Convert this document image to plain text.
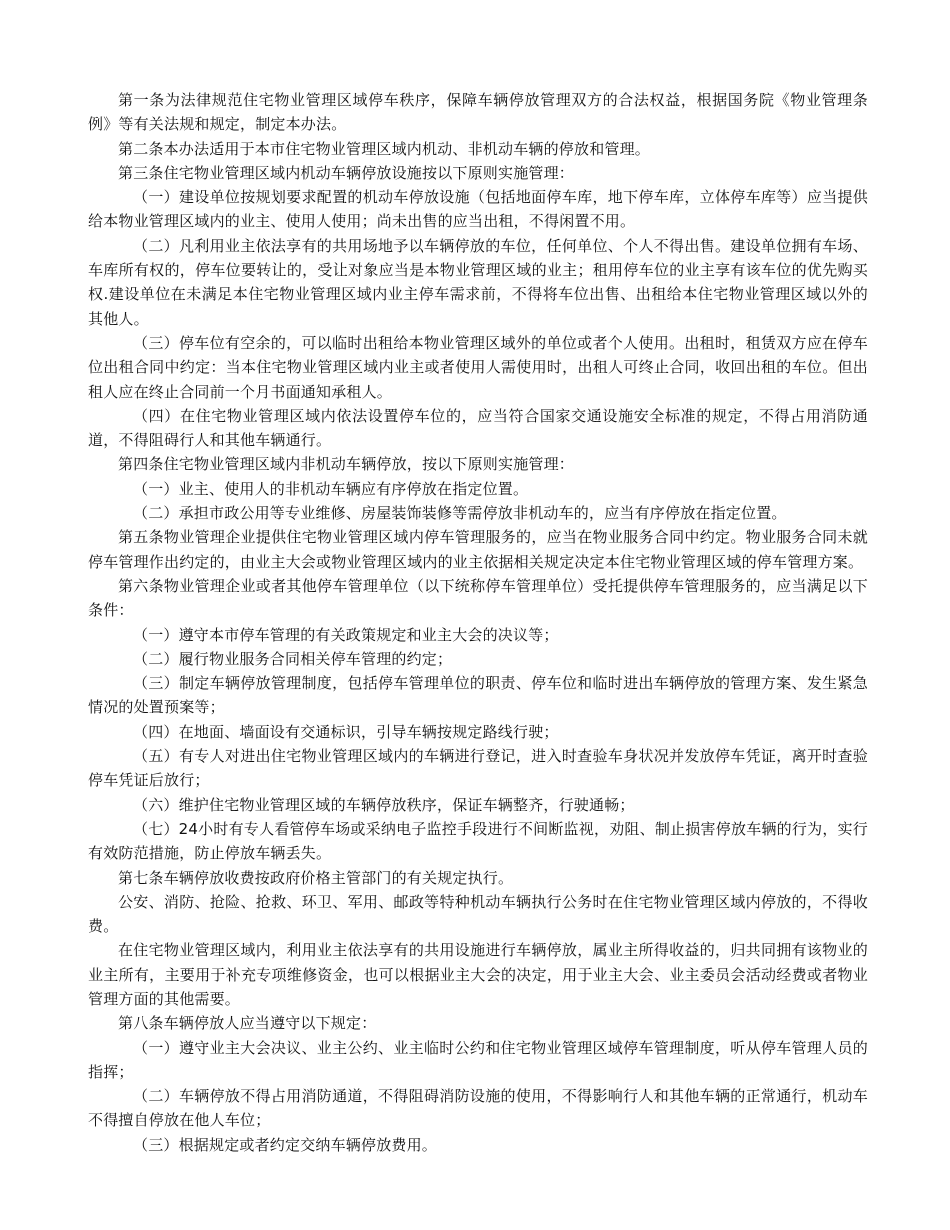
第一条为法律规范住宅物业管理区域停车秩序，保障车辆停放管理双方的合法权益，根据国务院《物业管理条例》等有关法规和规定，制定本办法。

第二条本办法适用于本市住宅物业管理区域内机动、非机动车辆的停放和管理。

第三条住宅物业管理区域内机动车辆停放设施按以下原则实施管理：

（一）建设单位按规划要求配置的机动车停放设施（包括地面停车库，地下停车库，立体停车库等）应当提供给本物业管理区域内的业主、使用人使用；尚未出售的应当出租，不得闲置不用。

（二）凡利用业主依法享有的共用场地予以车辆停放的车位，任何单位、个人不得出售。建设单位拥有车场、车库所有权的，停车位要转让的，受让对象应当是本物业管理区域的业主；租用停车位的业主享有该车位的优先购买权.建设单位在未满足本住宅物业管理区域内业主停车需求前，不得将车位出售、出租给本住宅物业管理区域以外的其他人。

（三）停车位有空余的，可以临时出租给本物业管理区域外的单位或者个人使用。出租时，租赁双方应在停车位出租合同中约定：当本住宅物业管理区域内业主或者使用人需使用时，出租人可终止合同，收回出租的车位。但出租人应在终止合同前一个月书面通知承租人。

（四）在住宅物业管理区域内依法设置停车位的，应当符合国家交通设施安全标准的规定，不得占用消防通道，不得阻碍行人和其他车辆通行。

第四条住宅物业管理区域内非机动车辆停放，按以下原则实施管理：

（一）业主、使用人的非机动车辆应有序停放在指定位置。

（二）承担市政公用等专业维修、房屋装饰装修等需停放非机动车的，应当有序停放在指定位置。

第五条物业管理企业提供住宅物业管理区域内停车管理服务的，应当在物业服务合同中约定。物业服务合同未就停车管理作出约定的，由业主大会或物业管理区域内的业主依据相关规定决定本住宅物业管理区域的停车管理方案。

第六条物业管理企业或者其他停车管理单位（以下统称停车管理单位）受托提供停车管理服务的，应当满足以下条件：

（一）遵守本市停车管理的有关政策规定和业主大会的决议等；

（二）履行物业服务合同相关停车管理的约定；

（三）制定车辆停放管理制度，包括停车管理单位的职责、停车位和临时进出车辆停放的管理方案、发生紧急情况的处置预案等；

（四）在地面、墙面设有交通标识，引导车辆按规定路线行驶；

（五）有专人对进出住宅物业管理区域内的车辆进行登记，进入时查验车身状况并发放停车凭证，离开时查验停车凭证后放行；

（六）维护住宅物业管理区域的车辆停放秩序，保证车辆整齐，行驶通畅；

（七）24小时有专人看管停车场或采纳电子监控手段进行不间断监视，劝阻、制止损害停放车辆的行为，实行有效防范措施，防止停放车辆丢失。

第七条车辆停放收费按政府价格主管部门的有关规定执行。

公安、消防、抢险、抢救、环卫、军用、邮政等特种机动车辆执行公务时在住宅物业管理区域内停放的，不得收费。

在住宅物业管理区域内，利用业主依法享有的共用设施进行车辆停放，属业主所得收益的，归共同拥有该物业的业主所有，主要用于补充专项维修资金，也可以根据业主大会的决定，用于业主大会、业主委员会活动经费或者物业管理方面的其他需要。

第八条车辆停放人应当遵守以下规定：

（一）遵守业主大会决议、业主公约、业主临时公约和住宅物业管理区域停车管理制度，听从停车管理人员的指挥；

（二）车辆停放不得占用消防通道，不得阻碍消防设施的使用，不得影响行人和其他车辆的正常通行，机动车不得擅自停放在他人车位；

（三）根据规定或者约定交纳车辆停放费用。
